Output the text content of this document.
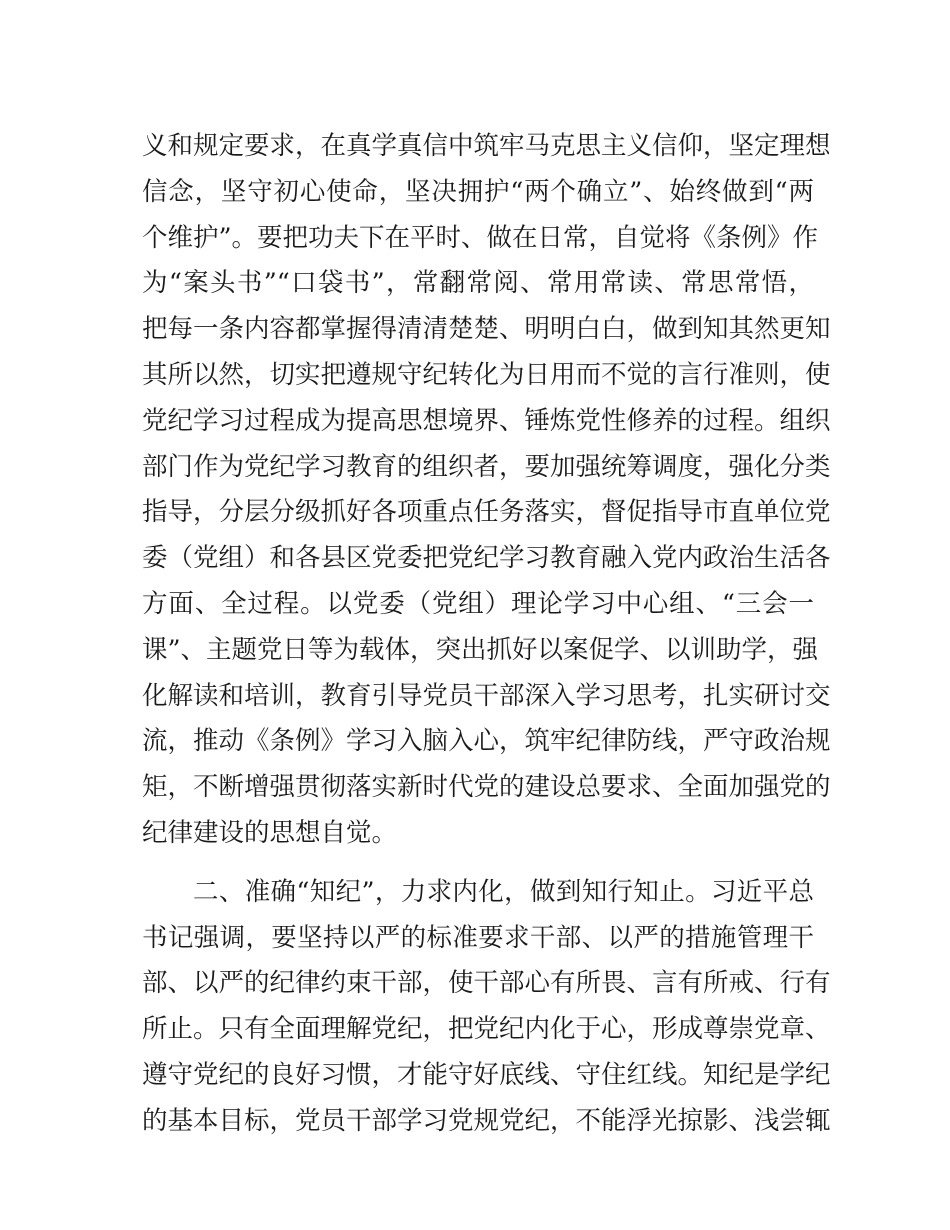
义和规定要求，在真学真信中筑牢马克思主义信仰，坚定理想
信念，坚守初心使命，坚决拥护“两个确立”、始终做到“两
个维护”。要把功夫下在平时、做在日常，自觉将《条例》作
为“案头书”“口袋书”，常翻常阅、常用常读、常思常悟，
把每一条内容都掌握得清清楚楚、明明白白，做到知其然更知
其所以然，切实把遵规守纪转化为日用而不觉的言行准则，使
党纪学习过程成为提高思想境界、锤炼党性修养的过程。组织
部门作为党纪学习教育的组织者，要加强统筹调度，强化分类
指导，分层分级抓好各项重点任务落实，督促指导市直单位党
委（党组）和各县区党委把党纪学习教育融入党内政治生活各
方面、全过程。以党委（党组）理论学习中心组、“三会一
课”、主题党日等为载体，突出抓好以案促学、以训助学，强
化解读和培训，教育引导党员干部深入学习思考，扎实研讨交
流，推动《条例》学习入脑入心，筑牢纪律防线，严守政治规
矩，不断增强贯彻落实新时代党的建设总要求、全面加强党的
纪律建设的思想自觉。
二、准确“知纪”，力求内化，做到知行知止。习近平总
书记强调，要坚持以严的标准要求干部、以严的措施管理干
部、以严的纪律约束干部，使干部心有所畏、言有所戒、行有
所止。只有全面理解党纪，把党纪内化于心，形成尊崇党章、
遵守党纪的良好习惯，才能守好底线、守住红线。知纪是学纪
的基本目标，党员干部学习党规党纪，不能浮光掠影、浅尝辄
